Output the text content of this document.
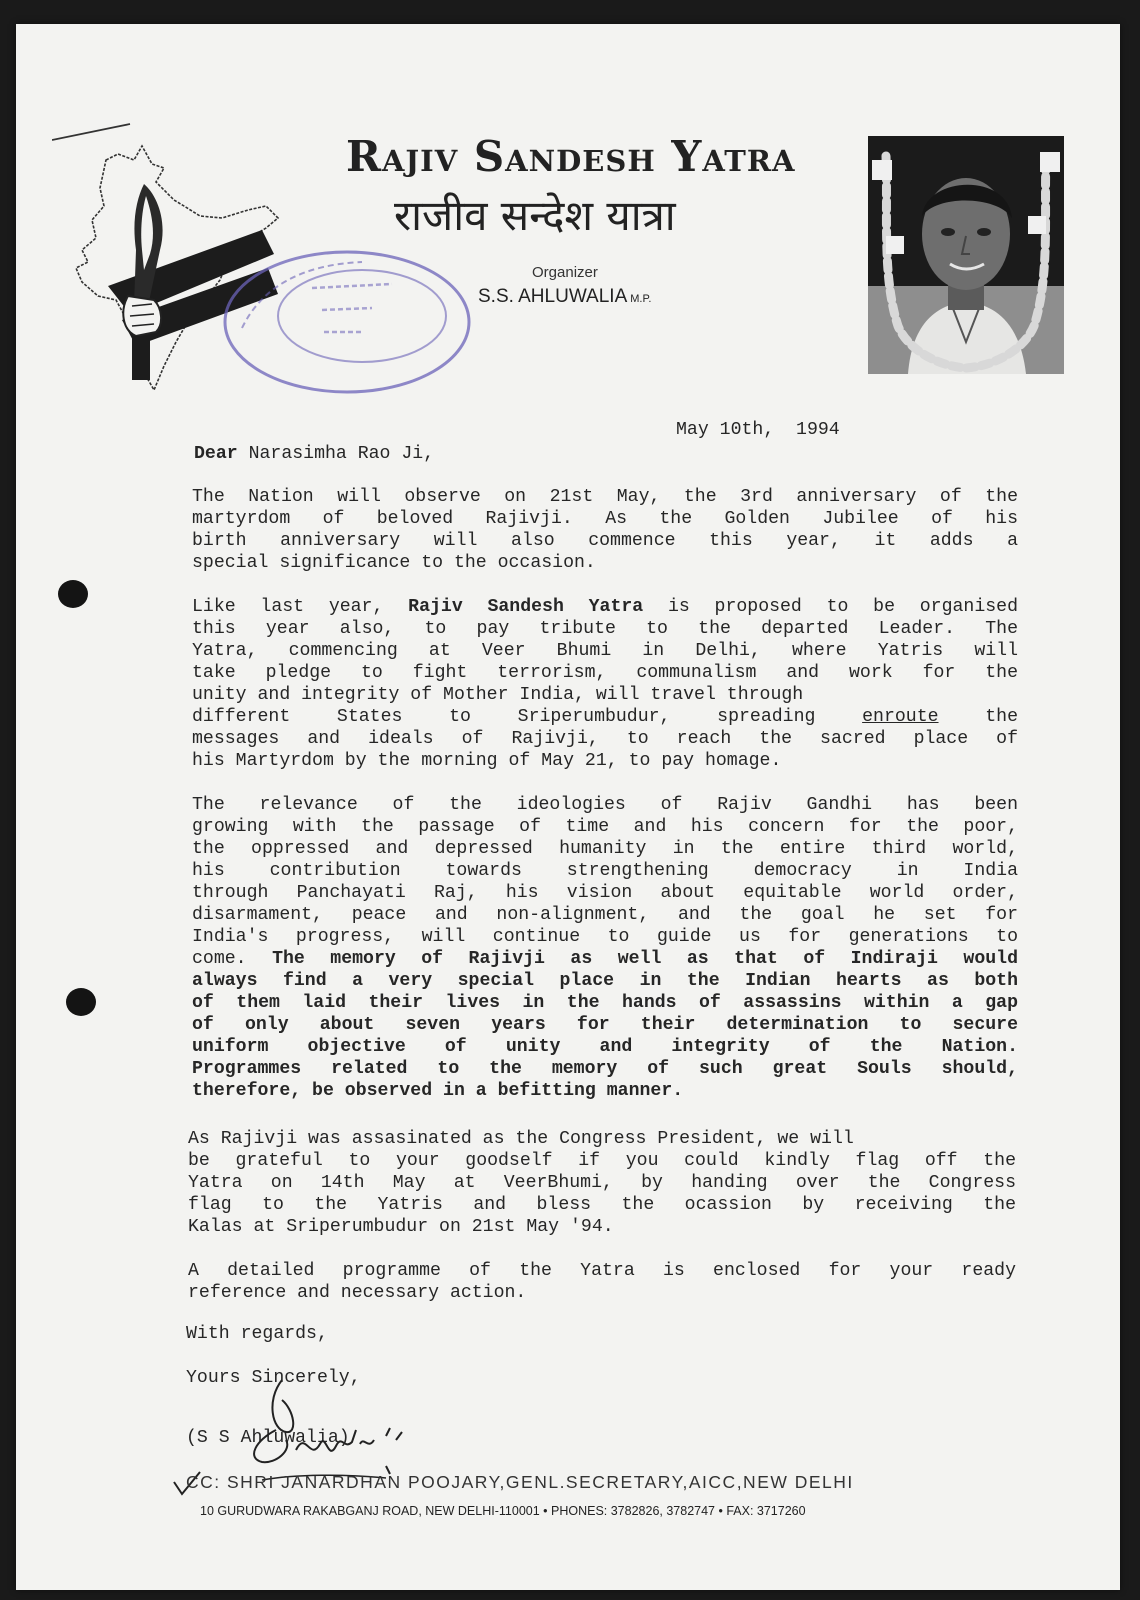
Rajiv Sandesh Yatra
राजीव सन्देश यात्रा
Organizer
S.S. AHLUWALIA M.P.
May 10th,  1994
Dear Narasimha Rao Ji,
The Nation will observe on 21st May, the 3rd anniversary of the
martyrdom of beloved Rajivji. As the Golden Jubilee of his
birth anniversary will also commence this year, it adds a
special significance to the occasion.
Like last year, Rajiv Sandesh Yatra is proposed to be organised
this year also, to pay tribute to the departed Leader. The
Yatra, commencing at Veer Bhumi in Delhi, where Yatris will
take pledge to fight terrorism, communalism and work for the
unity and integrity of Mother India, will travel through
different States to Sriperumbudur, spreading enroute the
messages and ideals of Rajivji, to reach the sacred place of
his Martyrdom by the morning of May 21, to pay homage.
The relevance of the ideologies of Rajiv Gandhi has been
growing with the passage of time and his concern for the poor,
the oppressed and depressed humanity in the entire third world,
his contribution towards strengthening democracy in India
through Panchayati Raj, his vision about equitable world order,
disarmament, peace and non-alignment, and the goal he set for
India's progress, will continue to guide us for generations to
come. The memory of Rajivji as well as that of Indiraji would
always find a very special place in the Indian hearts as both
of them laid their lives in the hands of assassins within a gap
of only about seven years for their determination to secure
uniform objective of unity and integrity of the Nation.
Programmes related to the memory of such great Souls should,
therefore, be observed in a befitting manner.
As Rajivji was assasinated as the Congress President, we will
be grateful to your goodself if you could kindly flag off the
Yatra on 14th May at VeerBhumi, by handing over the Congress
flag to the Yatris and bless the ocassion by receiving the
Kalas at Sriperumbudur on 21st May '94.
A detailed programme of the Yatra is enclosed for your ready
reference and necessary action.
With regards,
Yours Sincerely,
(S S Ahluwalia)
CC: SHRI JANARDHAN POOJARY,GENL.SECRETARY,AICC,NEW DELHI
10 GURUDWARA RAKABGANJ ROAD, NEW DELHI-110001 • PHONES: 3782826, 3782747 • FAX: 3717260
